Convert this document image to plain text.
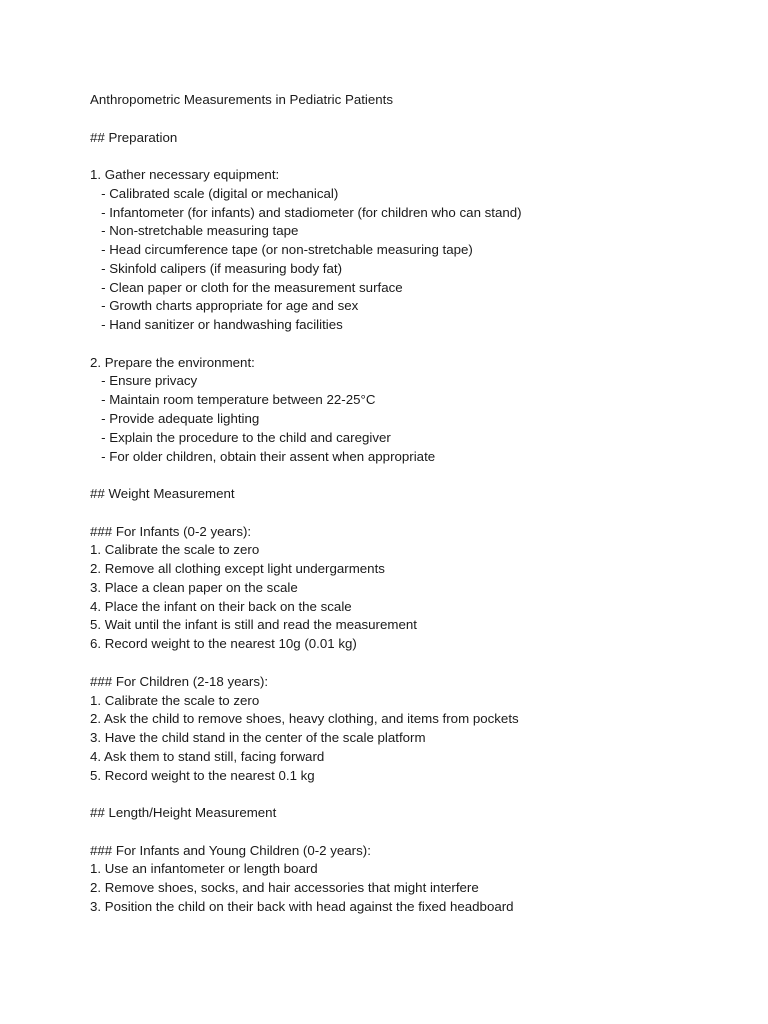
Anthropometric Measurements in Pediatric Patients
## Preparation
1. Gather necessary equipment:
- Calibrated scale (digital or mechanical)
- Infantometer (for infants) and stadiometer (for children who can stand)
- Non-stretchable measuring tape
- Head circumference tape (or non-stretchable measuring tape)
- Skinfold calipers (if measuring body fat)
- Clean paper or cloth for the measurement surface
- Growth charts appropriate for age and sex
- Hand sanitizer or handwashing facilities
2. Prepare the environment:
- Ensure privacy
- Maintain room temperature between 22-25°C
- Provide adequate lighting
- Explain the procedure to the child and caregiver
- For older children, obtain their assent when appropriate
## Weight Measurement
### For Infants (0-2 years):
1. Calibrate the scale to zero
2. Remove all clothing except light undergarments
3. Place a clean paper on the scale
4. Place the infant on their back on the scale
5. Wait until the infant is still and read the measurement
6. Record weight to the nearest 10g (0.01 kg)
### For Children (2-18 years):
1. Calibrate the scale to zero
2. Ask the child to remove shoes, heavy clothing, and items from pockets
3. Have the child stand in the center of the scale platform
4. Ask them to stand still, facing forward
5. Record weight to the nearest 0.1 kg
## Length/Height Measurement
### For Infants and Young Children (0-2 years):
1. Use an infantometer or length board
2. Remove shoes, socks, and hair accessories that might interfere
3. Position the child on their back with head against the fixed headboard
